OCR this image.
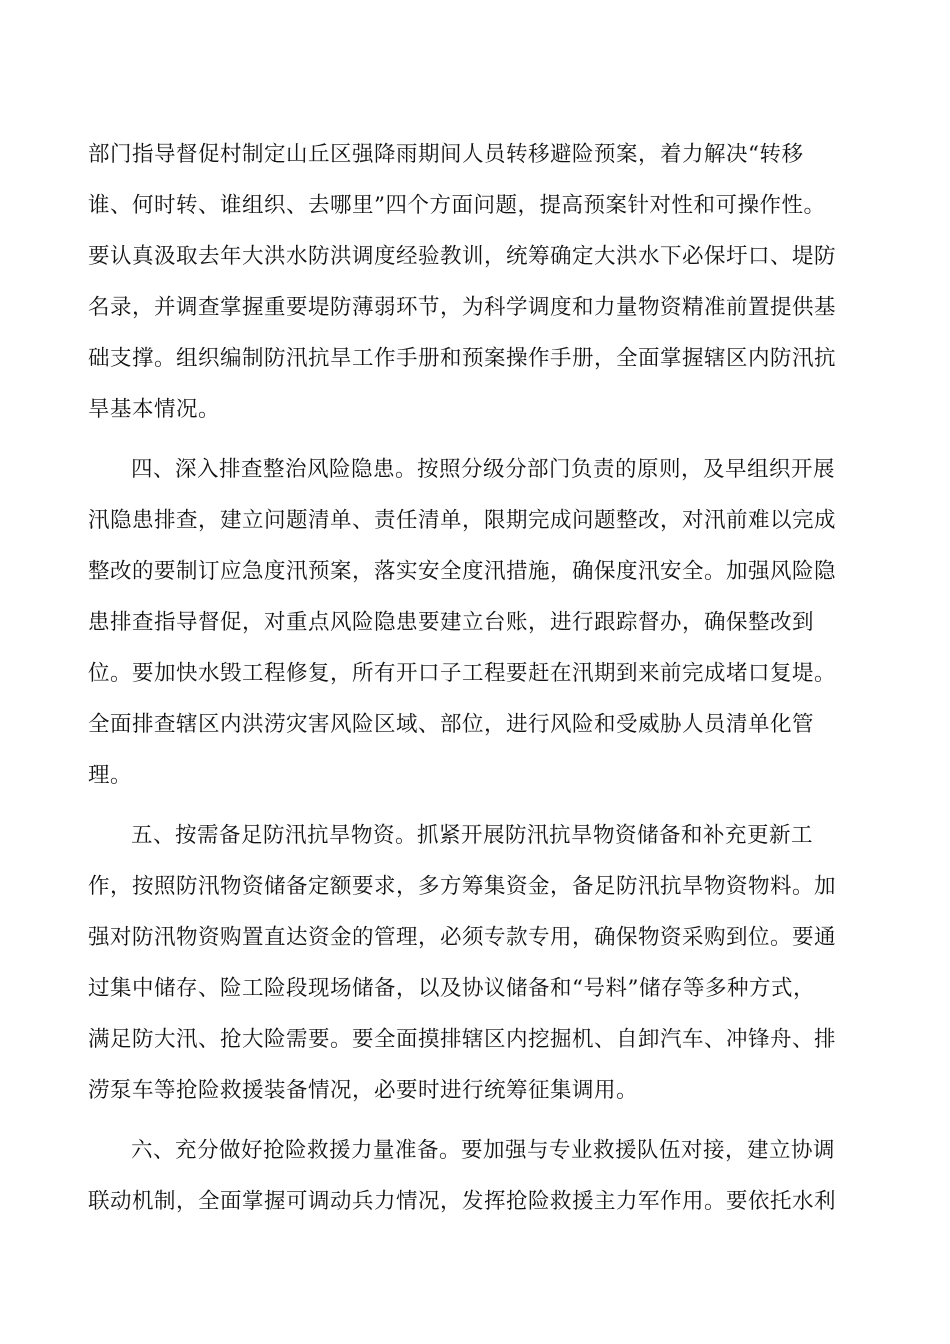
部门指导督促村制定山丘区强降雨期间人员转移避险预案，着力解决“转移
谁、何时转、谁组织、去哪里”四个方面问题，提高预案针对性和可操作性。
要认真汲取去年大洪水防洪调度经验教训，统筹确定大洪水下必保圩口、堤防
名录，并调查掌握重要堤防薄弱环节，为科学调度和力量物资精准前置提供基
础支撑。组织编制防汛抗旱工作手册和预案操作手册，全面掌握辖区内防汛抗
旱基本情况。
四、深入排查整治风险隐患。按照分级分部门负责的原则，及早组织开展
汛隐患排查，建立问题清单、责任清单，限期完成问题整改，对汛前难以完成
整改的要制订应急度汛预案，落实安全度汛措施，确保度汛安全。加强风险隐
患排查指导督促，对重点风险隐患要建立台账，进行跟踪督办，确保整改到
位。要加快水毁工程修复，所有开口子工程要赶在汛期到来前完成堵口复堤。
全面排查辖区内洪涝灾害风险区域、部位，进行风险和受威胁人员清单化管
理。
五、按需备足防汛抗旱物资。抓紧开展防汛抗旱物资储备和补充更新工
作，按照防汛物资储备定额要求，多方筹集资金，备足防汛抗旱物资物料。加
强对防汛物资购置直达资金的管理，必须专款专用，确保物资采购到位。要通
过集中储存、险工险段现场储备，以及协议储备和“号料”储存等多种方式，
满足防大汛、抢大险需要。要全面摸排辖区内挖掘机、自卸汽车、冲锋舟、排
涝泵车等抢险救援装备情况，必要时进行统筹征集调用。
六、充分做好抢险救援力量准备。要加强与专业救援队伍对接，建立协调
联动机制，全面掌握可调动兵力情况，发挥抢险救援主力军作用。要依托水利
